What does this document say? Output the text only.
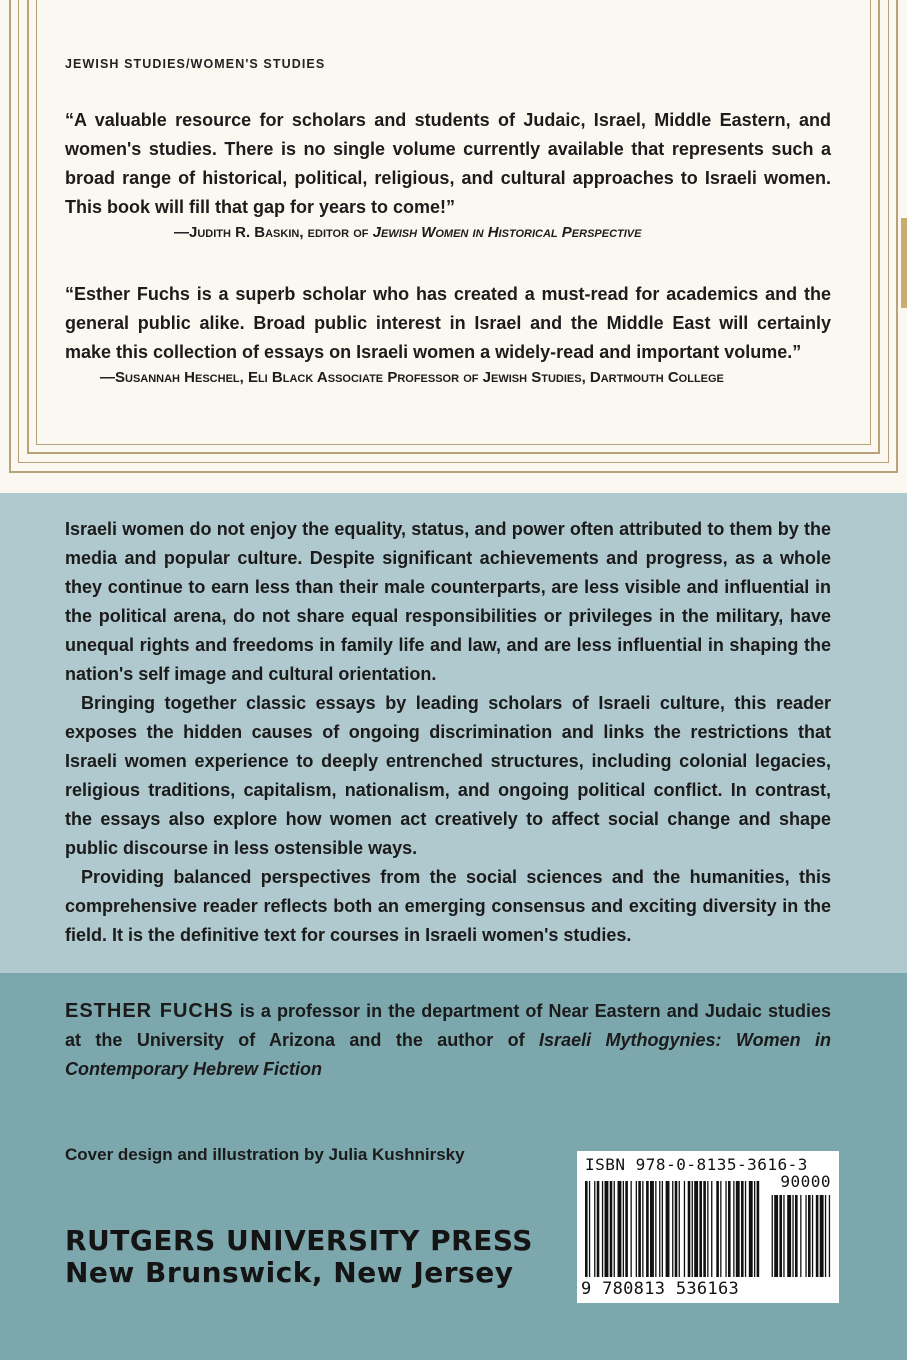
JEWISH STUDIES/WOMEN'S STUDIES
“A valuable resource for scholars and students of Judaic, Israel, Middle Eastern, and women's studies. There is no single volume currently available that represents such a broad range of historical, political, religious, and cultural approaches to Israeli women. This book will fill that gap for years to come!”
—Judith R. Baskin, editor of Jewish Women in Historical Perspective
“Esther Fuchs is a superb scholar who has created a must-read for academics and the general public alike. Broad public interest in Israel and the Middle East will certainly make this collection of essays on Israeli women a widely-read and important volume.”
—Susannah Heschel, Eli Black Associate Professor of Jewish Studies, Dartmouth College

Israeli women do not enjoy the equality, status, and power often attributed to them by the media and popular culture. Despite significant achievements and progress, as a whole they continue to earn less than their male counterparts, are less visible and influential in the political arena, do not share equal responsibilities or privileges in the military, have unequal rights and freedoms in family life and law, and are less influential in shaping the nation's self image and cultural orientation.

Bringing together classic essays by leading scholars of Israeli culture, this reader exposes the hidden causes of ongoing discrimination and links the restrictions that Israeli women experience to deeply entrenched structures, including colonial legacies, religious traditions, capitalism, nationalism, and ongoing political conflict. In contrast, the essays also explore how women act creatively to affect social change and shape public discourse in less ostensible ways.

Providing balanced perspectives from the social sciences and the humanities, this comprehensive reader reflects both an emerging consensus and exciting diversity in the field. It is the definitive text for courses in Israeli women's studies.

ESTHER FUCHS is a professor in the department of Near Eastern and Judaic studies at the University of Arizona and the author of Israeli Mythogynies: Women in Contemporary Hebrew Fiction

Cover design and illustration by Julia Kushnirsky
RUTGERS UNIVERSITY PRESS
New Brunswick, New Jersey
ISBN 978-0-8135-3616-3
90000
9 780813 536163
